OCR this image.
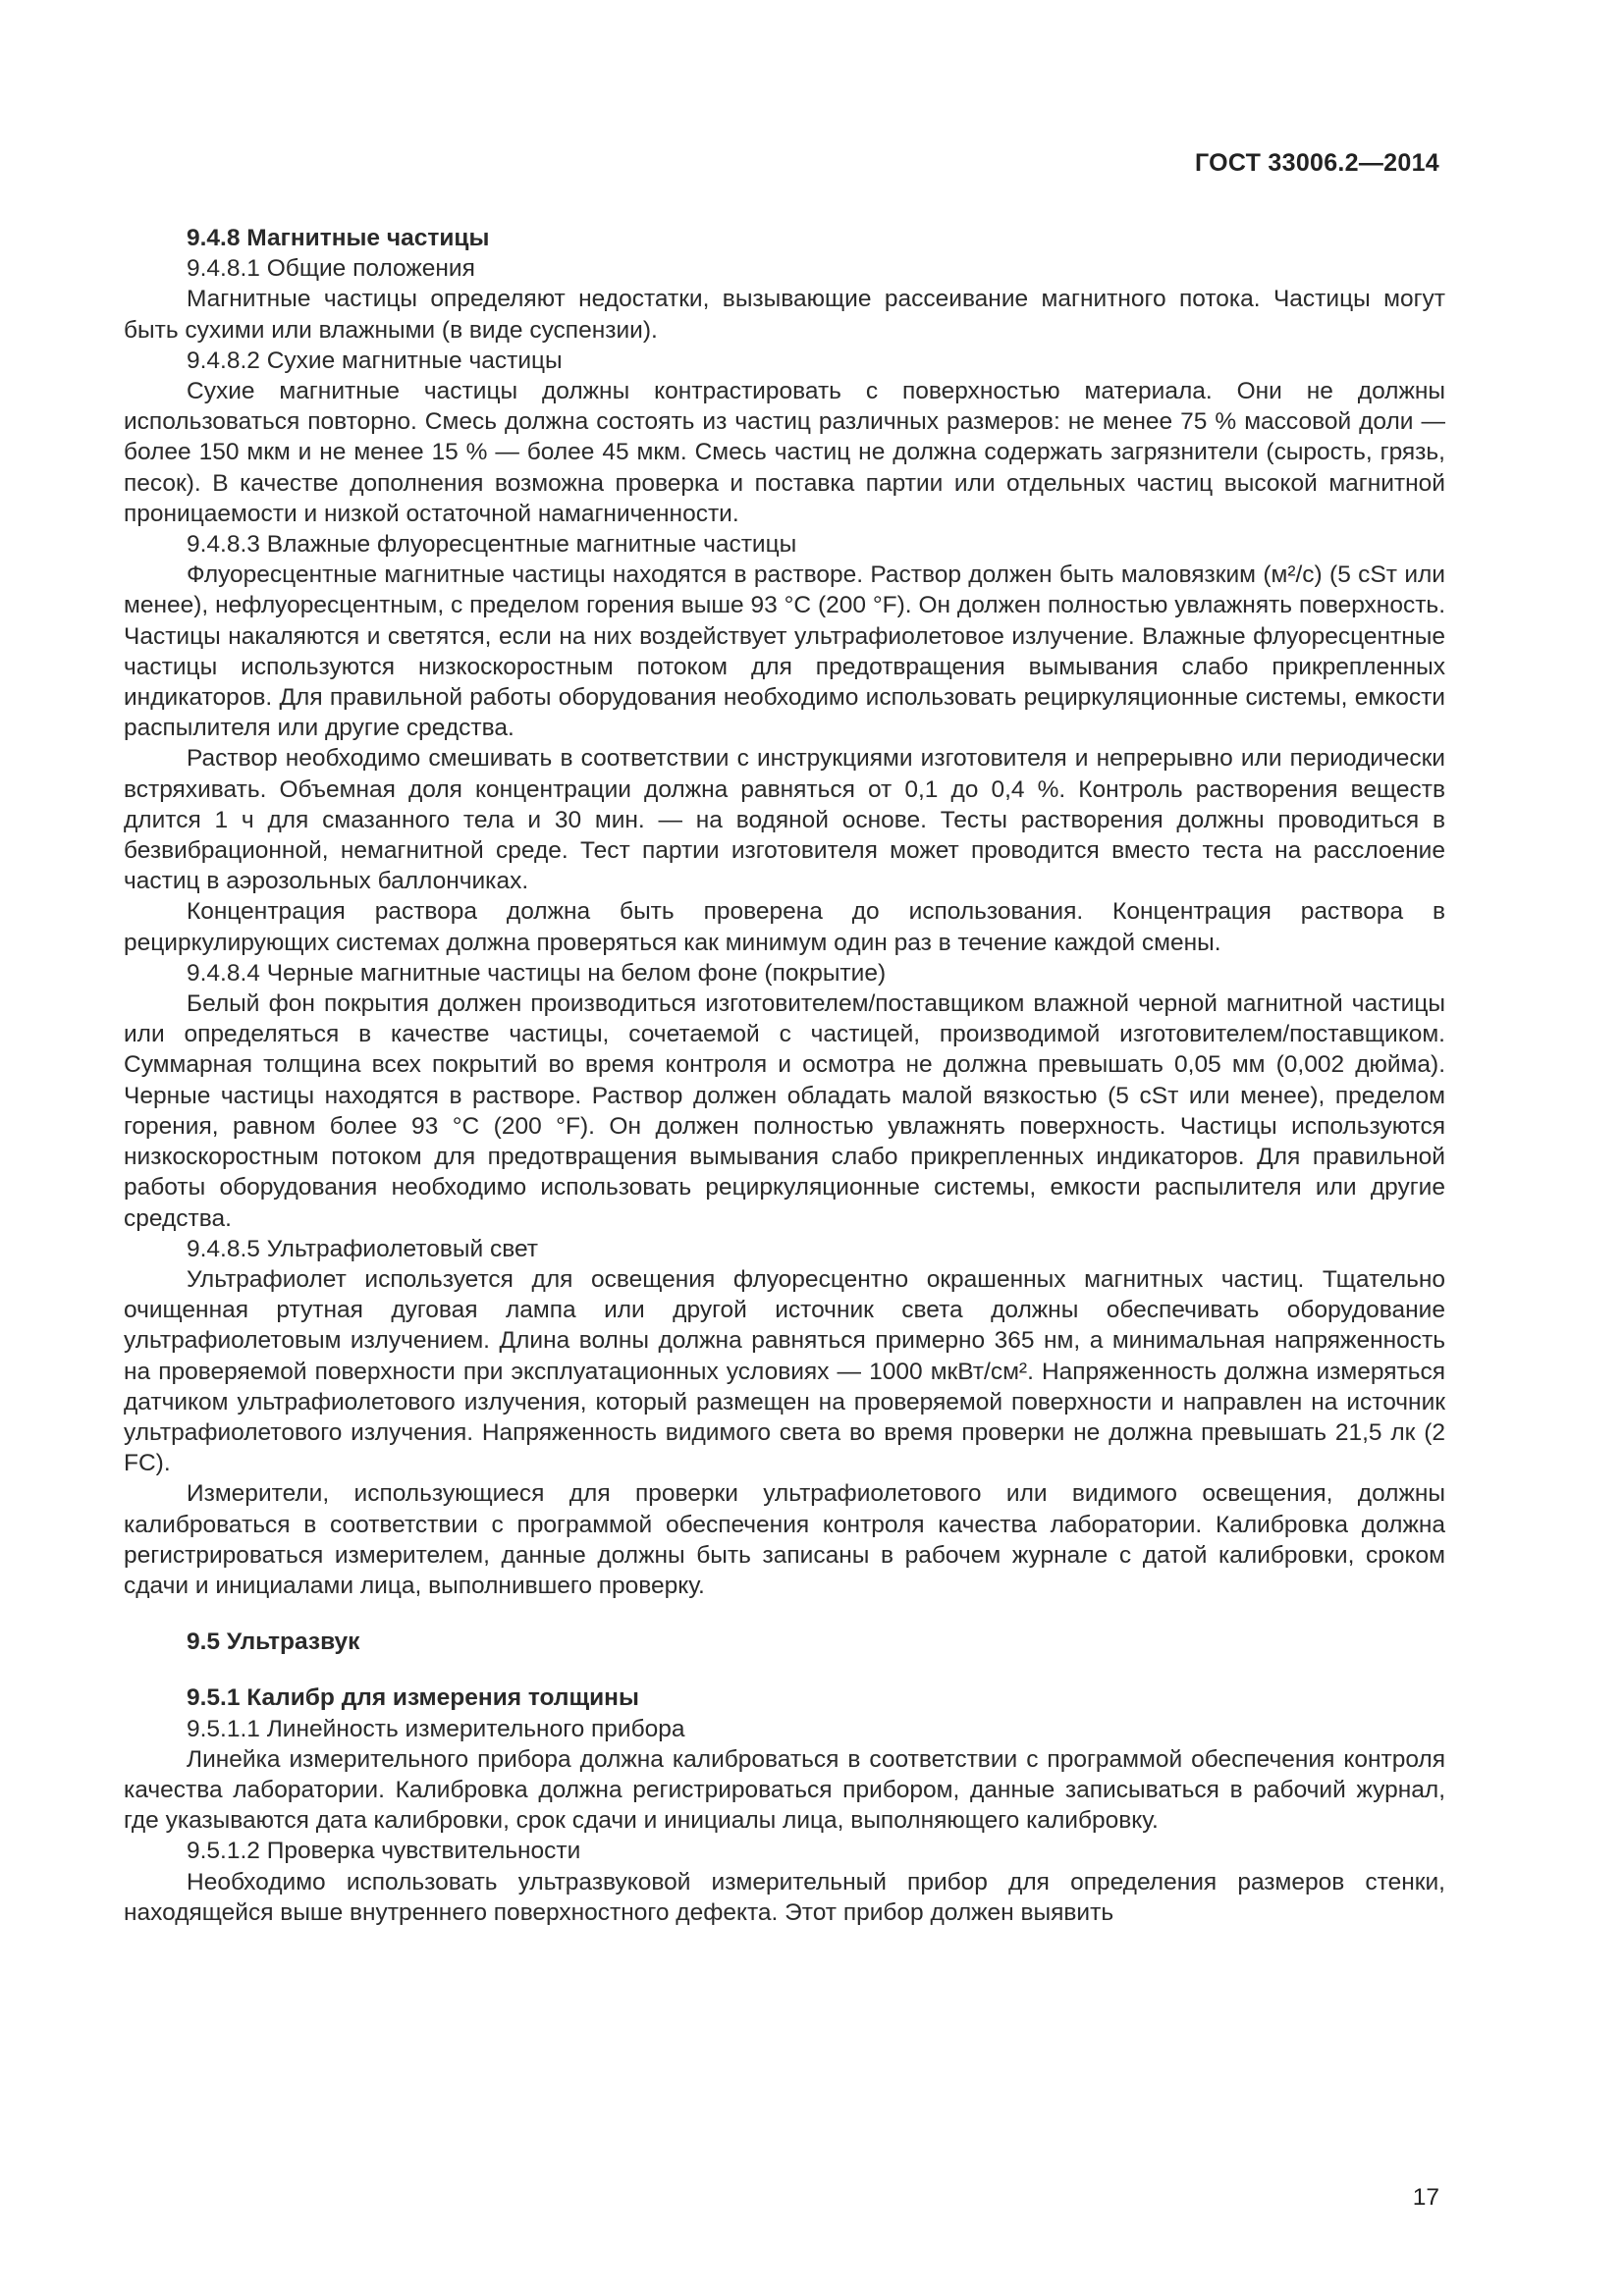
ГОСТ 33006.2—2014

9.4.8 Магнитные частицы

9.4.8.1 Общие положения

Магнитные частицы определяют недостатки, вызывающие рассеивание магнитного потока. Частицы могут быть сухими или влажными (в виде суспензии).

9.4.8.2 Сухие магнитные частицы

Сухие магнитные частицы должны контрастировать с поверхностью материала. Они не должны использоваться повторно. Смесь должна состоять из частиц различных размеров: не менее 75 % массовой доли — более 150 мкм и не менее 15 % — более 45 мкм. Смесь частиц не должна содержать загрязнители (сырость, грязь, песок). В качестве дополнения возможна проверка и поставка партии или отдельных частиц высокой магнитной проницаемости и низкой остаточной намагниченности.

9.4.8.3 Влажные флуоресцентные магнитные частицы

Флуоресцентные магнитные частицы находятся в растворе. Раствор должен быть маловязким (м²/с) (5 cSт или менее), нефлуоресцентным, с пределом горения выше 93 °C (200 °F). Он должен полностью увлажнять поверхность. Частицы накаляются и светятся, если на них воздействует ультрафиолетовое излучение. Влажные флуоресцентные частицы используются низкоскоростным потоком для предотвращения вымывания слабо прикрепленных индикаторов. Для правильной работы оборудования необходимо использовать рециркуляционные системы, емкости распылителя или другие средства.

Раствор необходимо смешивать в соответствии с инструкциями изготовителя и непрерывно или периодически встряхивать. Объемная доля концентрации должна равняться от 0,1 до 0,4 %. Контроль растворения веществ длится 1 ч для смазанного тела и 30 мин. — на водяной основе. Тесты растворения должны проводиться в безвибрационной, немагнитной среде. Тест партии изготовителя может проводится вместо теста на расслоение частиц в аэрозольных баллончиках.

Концентрация раствора должна быть проверена до использования. Концентрация раствора в рециркулирующих системах должна проверяться как минимум один раз в течение каждой смены.

9.4.8.4 Черные магнитные частицы на белом фоне (покрытие)

Белый фон покрытия должен производиться изготовителем/поставщиком влажной черной магнитной частицы или определяться в качестве частицы, сочетаемой с частицей, производимой изготовителем/поставщиком. Суммарная толщина всех покрытий во время контроля и осмотра не должна превышать 0,05 мм (0,002 дюйма). Черные частицы находятся в растворе. Раствор должен обладать малой вязкостью (5 cSт или менее), пределом горения, равном более 93 °C (200 °F). Он должен полностью увлажнять поверхность. Частицы используются низкоскоростным потоком для предотвращения вымывания слабо прикрепленных индикаторов. Для правильной работы оборудования необходимо использовать рециркуляционные системы, емкости распылителя или другие средства.

9.4.8.5 Ультрафиолетовый свет

Ультрафиолет используется для освещения флуоресцентно окрашенных магнитных частиц. Тщательно очищенная ртутная дуговая лампа или другой источник света должны обеспечивать оборудование ультрафиолетовым излучением. Длина волны должна равняться примерно 365 нм, а минимальная напряженность на проверяемой поверхности при эксплуатационных условиях — 1000 мкВт/см². Напряженность должна измеряться датчиком ультрафиолетового излучения, который размещен на проверяемой поверхности и направлен на источник ультрафиолетового излучения. Напряженность видимого света во время проверки не должна превышать 21,5 лк (2 FC).

Измерители, использующиеся для проверки ультрафиолетового или видимого освещения, должны калиброваться в соответствии с программой обеспечения контроля качества лаборатории. Калибровка должна регистрироваться измерителем, данные должны быть записаны в рабочем журнале с датой калибровки, сроком сдачи и инициалами лица, выполнившего проверку.

9.5 Ультразвук

9.5.1 Калибр для измерения толщины

9.5.1.1 Линейность измерительного прибора

Линейка измерительного прибора должна калиброваться в соответствии с программой обеспечения контроля качества лаборатории. Калибровка должна регистрироваться прибором, данные записываться в рабочий журнал, где указываются дата калибровки, срок сдачи и инициалы лица, выполняющего калибровку.

9.5.1.2 Проверка чувствительности

Необходимо использовать ультразвуковой измерительный прибор для определения размеров стенки, находящейся выше внутреннего поверхностного дефекта. Этот прибор должен выявить

17
